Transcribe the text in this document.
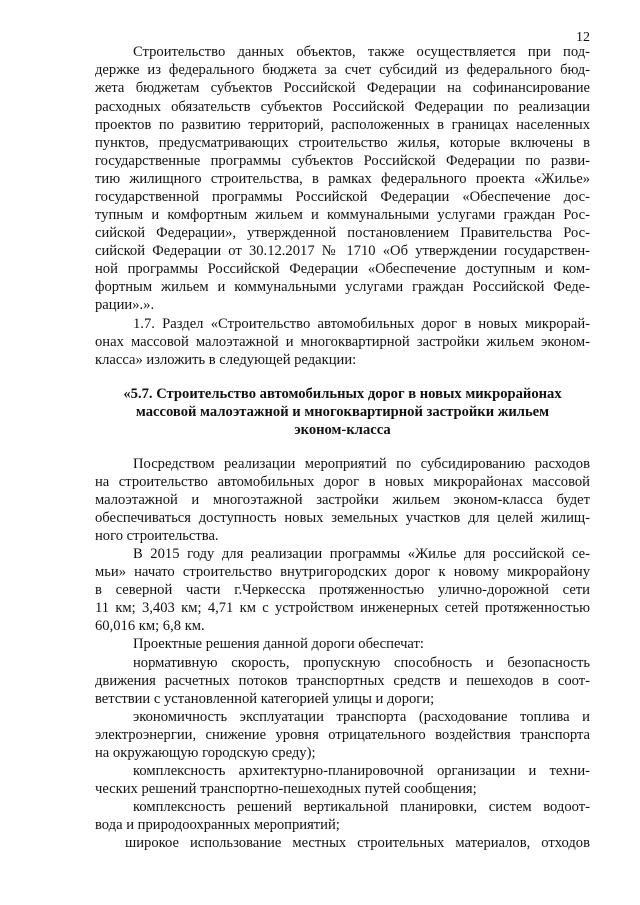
12
Строительство данных объектов, также осуществляется при под-
держке из федерального бюджета за счет субсидий из федерального бюд-
жета бюджетам субъектов Российской Федерации на софинансирование
расходных обязательств субъектов Российской Федерации по реализации
проектов по развитию территорий, расположенных в границах населенных
пунктов, предусматривающих строительство жилья, которые включены в
государственные программы субъектов Российской Федерации по разви-
тию жилищного строительства, в рамках федерального проекта «Жилье»
государственной программы Российской Федерации «Обеспечение дос-
тупным и комфортным жильем и коммунальными услугами граждан Рос-
сийской Федерации», утвержденной постановлением Правительства Рос-
сийской Федерации от 30.12.2017 № 1710 «Об утверждении государствен-
ной программы Российской Федерации «Обеспечение доступным и ком-
фортным жильем и коммунальными услугами граждан Российской Феде-
рации».».
1.7. Раздел «Строительство автомобильных дорог в новых микрорай-
онах массовой малоэтажной и многоквартирной застройки жильем эконом-
класса» изложить в следующей редакции:
«5.7. Строительство автомобильных дорог в новых микрорайонах
массовой малоэтажной и многоквартирной застройки жильем
эконом-класса
Посредством реализации мероприятий по субсидированию расходов
на строительство автомобильных дорог в новых микрорайонах массовой
малоэтажной и многоэтажной застройки жильем эконом-класса будет
обеспечиваться доступность новых земельных участков для целей жилищ-
ного строительства.
В 2015 году для реализации программы «Жилье для российской се-
мьи» начато строительство внутригородских дорог к новому микрорайону
в северной части г.Черкесска протяженностью улично-дорожной сети
11 км; 3,403 км; 4,71 км с устройством инженерных сетей протяженностью
60,016 км; 6,8 км.
Проектные решения данной дороги обеспечат:
нормативную скорость, пропускную способность и безопасность
движения расчетных потоков транспортных средств и пешеходов в соот-
ветствии с установленной категорией улицы и дороги;
экономичность эксплуатации транспорта (расходование топлива и
электроэнергии, снижение уровня отрицательного воздействия транспорта
на окружающую городскую среду);
комплексность архитектурно-планировочной организации и техни-
ческих решений транспортно-пешеходных путей сообщения;
комплексность решений вертикальной планировки, систем водоот-
вода и природоохранных мероприятий;
широкое использование местных строительных материалов, отходов
